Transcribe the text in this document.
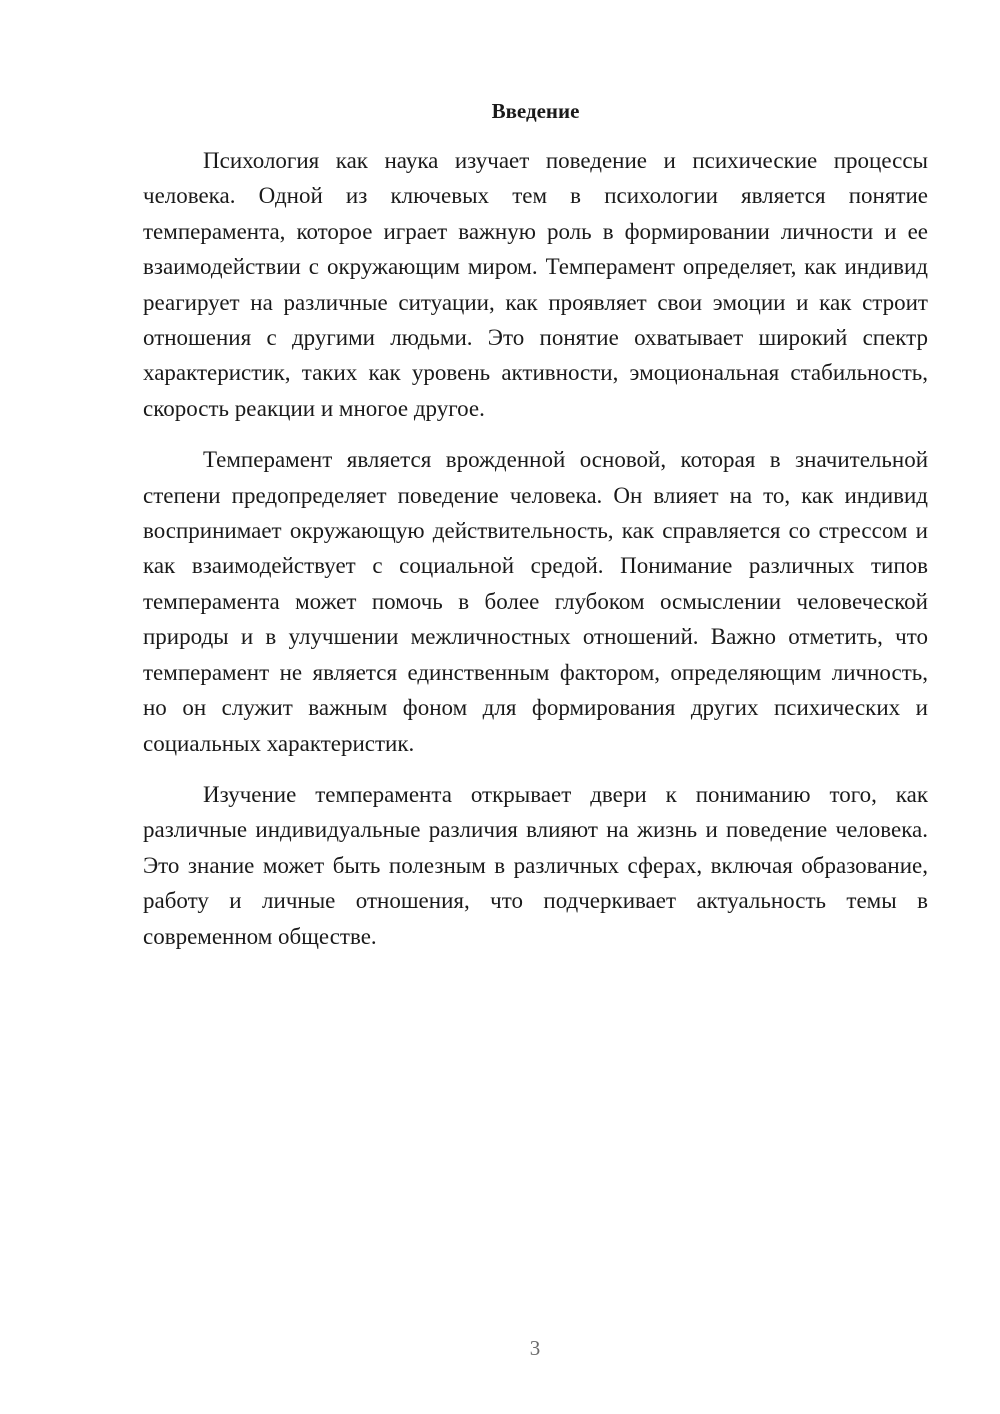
Введение

Психология как наука изучает поведение и психические процессы человека. Одной из ключевых тем в психологии является понятие темперамента, которое играет важную роль в формировании личности и ее взаимодействии с окружающим миром. Темперамент определяет, как индивид реагирует на различные ситуации, как проявляет свои эмоции и как строит отношения с другими людьми. Это понятие охватывает широкий спектр характеристик, таких как уровень активности, эмоциональная стабильность, скорость реакции и многое другое.

Темперамент является врожденной основой, которая в значительной степени предопределяет поведение человека. Он влияет на то, как индивид воспринимает окружающую действительность, как справляется со стрессом и как взаимодействует с социальной средой. Понимание различных типов темперамента может помочь в более глубоком осмыслении человеческой природы и в улучшении межличностных отношений. Важно отметить, что темперамент не является единственным фактором, определяющим личность, но он служит важным фоном для формирования других психических и социальных характеристик.

Изучение темперамента открывает двери к пониманию того, как различные индивидуальные различия влияют на жизнь и поведение человека. Это знание может быть полезным в различных сферах, включая образование, работу и личные отношения, что подчеркивает актуальность темы в современном обществе.

3
